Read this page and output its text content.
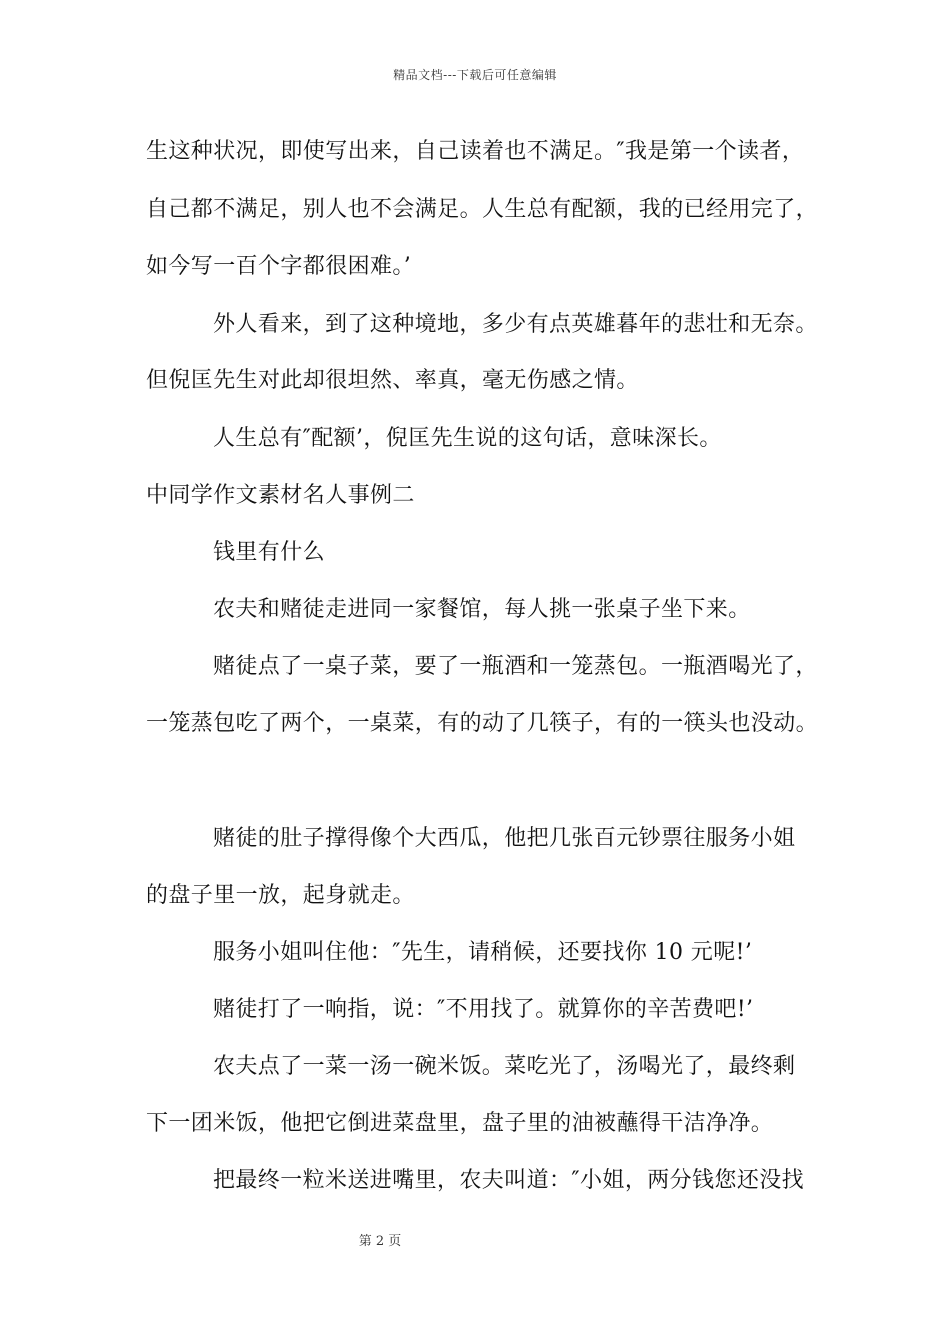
精品文档---下载后可任意编辑
生这种状况，即使写出来，自己读着也不满足。″我是第一个读者，
自己都不满足，别人也不会满足。人生总有配额，我的已经用完了，
如今写一百个字都很困难。’
外人看来，到了这种境地，多少有点英雄暮年的悲壮和无奈。
但倪匡先生对此却很坦然、率真，毫无伤感之情。
人生总有″配额’，倪匡先生说的这句话，意味深长。
中同学作文素材名人事例二
钱里有什么
农夫和赌徒走进同一家餐馆，每人挑一张桌子坐下来。
赌徒点了一桌子菜，要了一瓶酒和一笼蒸包。一瓶酒喝光了，
一笼蒸包吃了两个，一桌菜，有的动了几筷子，有的一筷头也没动。
赌徒的肚子撑得像个大西瓜，他把几张百元钞票往服务小姐
的盘子里一放，起身就走。
服务小姐叫住他：″先生，请稍候，还要找你 10 元呢!’
赌徒打了一响指，说：″不用找了。就算你的辛苦费吧!’
农夫点了一菜一汤一碗米饭。菜吃光了，汤喝光了，最终剩
下一团米饭，他把它倒进菜盘里，盘子里的油被蘸得干洁净净。
把最终一粒米送进嘴里，农夫叫道：″小姐，两分钱您还没找
第 2 页
